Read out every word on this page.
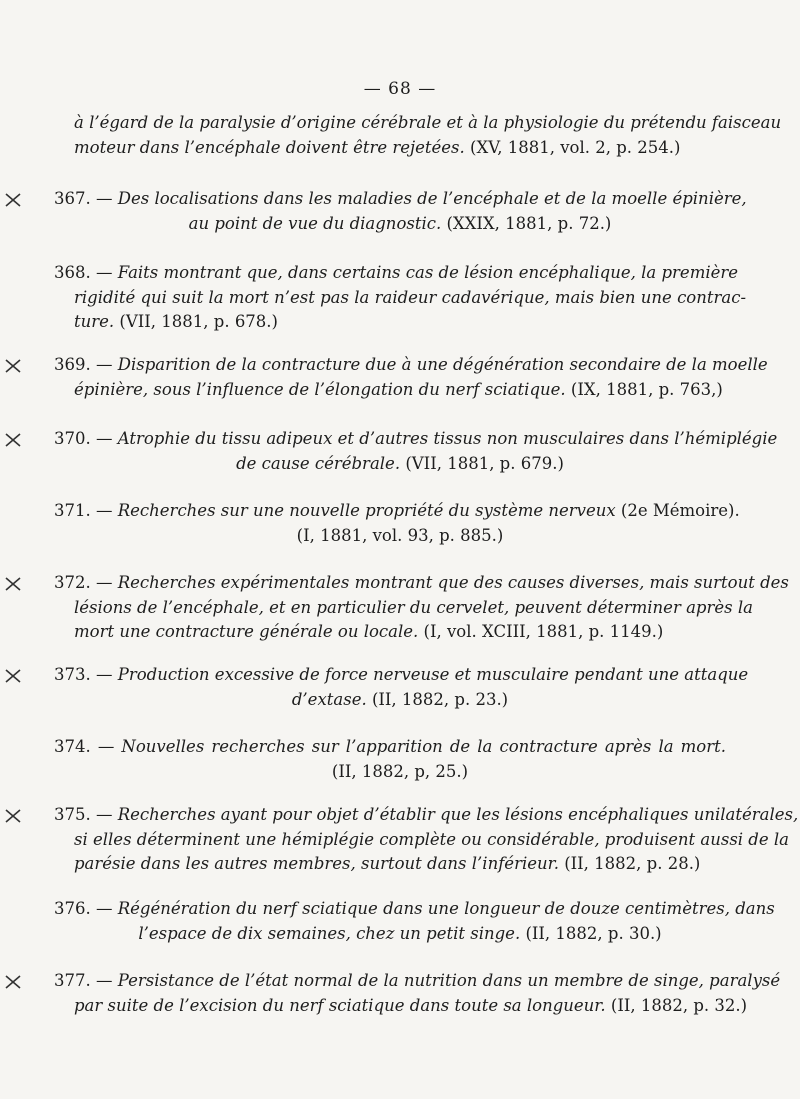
— 68 —
à l’égard de la paralysie d’origine cérébrale et à la physiologie du prétendu faisceau
moteur dans l’encéphale doivent être rejetées. (XV, 1881, vol. 2, p. 254.)
367. — Des localisations dans les maladies de l’encéphale et de la moelle épinière,
au point de vue du diagnostic. (XXIX, 1881, p. 72.)
368. — Faits montrant que, dans certains cas de lésion encéphalique, la première
rigidité qui suit la mort n’est pas la raideur cadavérique, mais bien une contrac-
ture. (VII, 1881, p. 678.)
369. — Disparition de la contracture due à une dégénération secondaire de la moelle
épinière, sous l’influence de l’élongation du nerf sciatique. (IX, 1881, p. 763,)
370. — Atrophie du tissu adipeux et d’autres tissus non musculaires dans l’hémiplégie
de cause cérébrale. (VII, 1881, p. 679.)
371. — Recherches sur une nouvelle propriété du système nerveux (2e Mémoire).
(I, 1881, vol. 93, p. 885.)
372. — Recherches expérimentales montrant que des causes diverses, mais surtout des
lésions de l’encéphale, et en particulier du cervelet, peuvent déterminer après la
mort une contracture générale ou locale. (I, vol. XCIII, 1881, p. 1149.)
373. — Production excessive de force nerveuse et musculaire pendant une attaque
d’extase. (II, 1882, p. 23.)
374. — Nouvelles recherches sur l’apparition de la contracture après la mort.
(II, 1882, p, 25.)
375. — Recherches ayant pour objet d’établir que les lésions encéphaliques unilatérales,
si elles déterminent une hémiplégie complète ou considérable, produisent aussi de la
parésie dans les autres membres, surtout dans l’inférieur. (II, 1882, p. 28.)
376. — Régénération du nerf sciatique dans une longueur de douze centimètres, dans
l’espace de dix semaines, chez un petit singe. (II, 1882, p. 30.)
377. — Persistance de l’état normal de la nutrition dans un membre de singe, paralysé
par suite de l’excision du nerf sciatique dans toute sa longueur. (II, 1882, p. 32.)
